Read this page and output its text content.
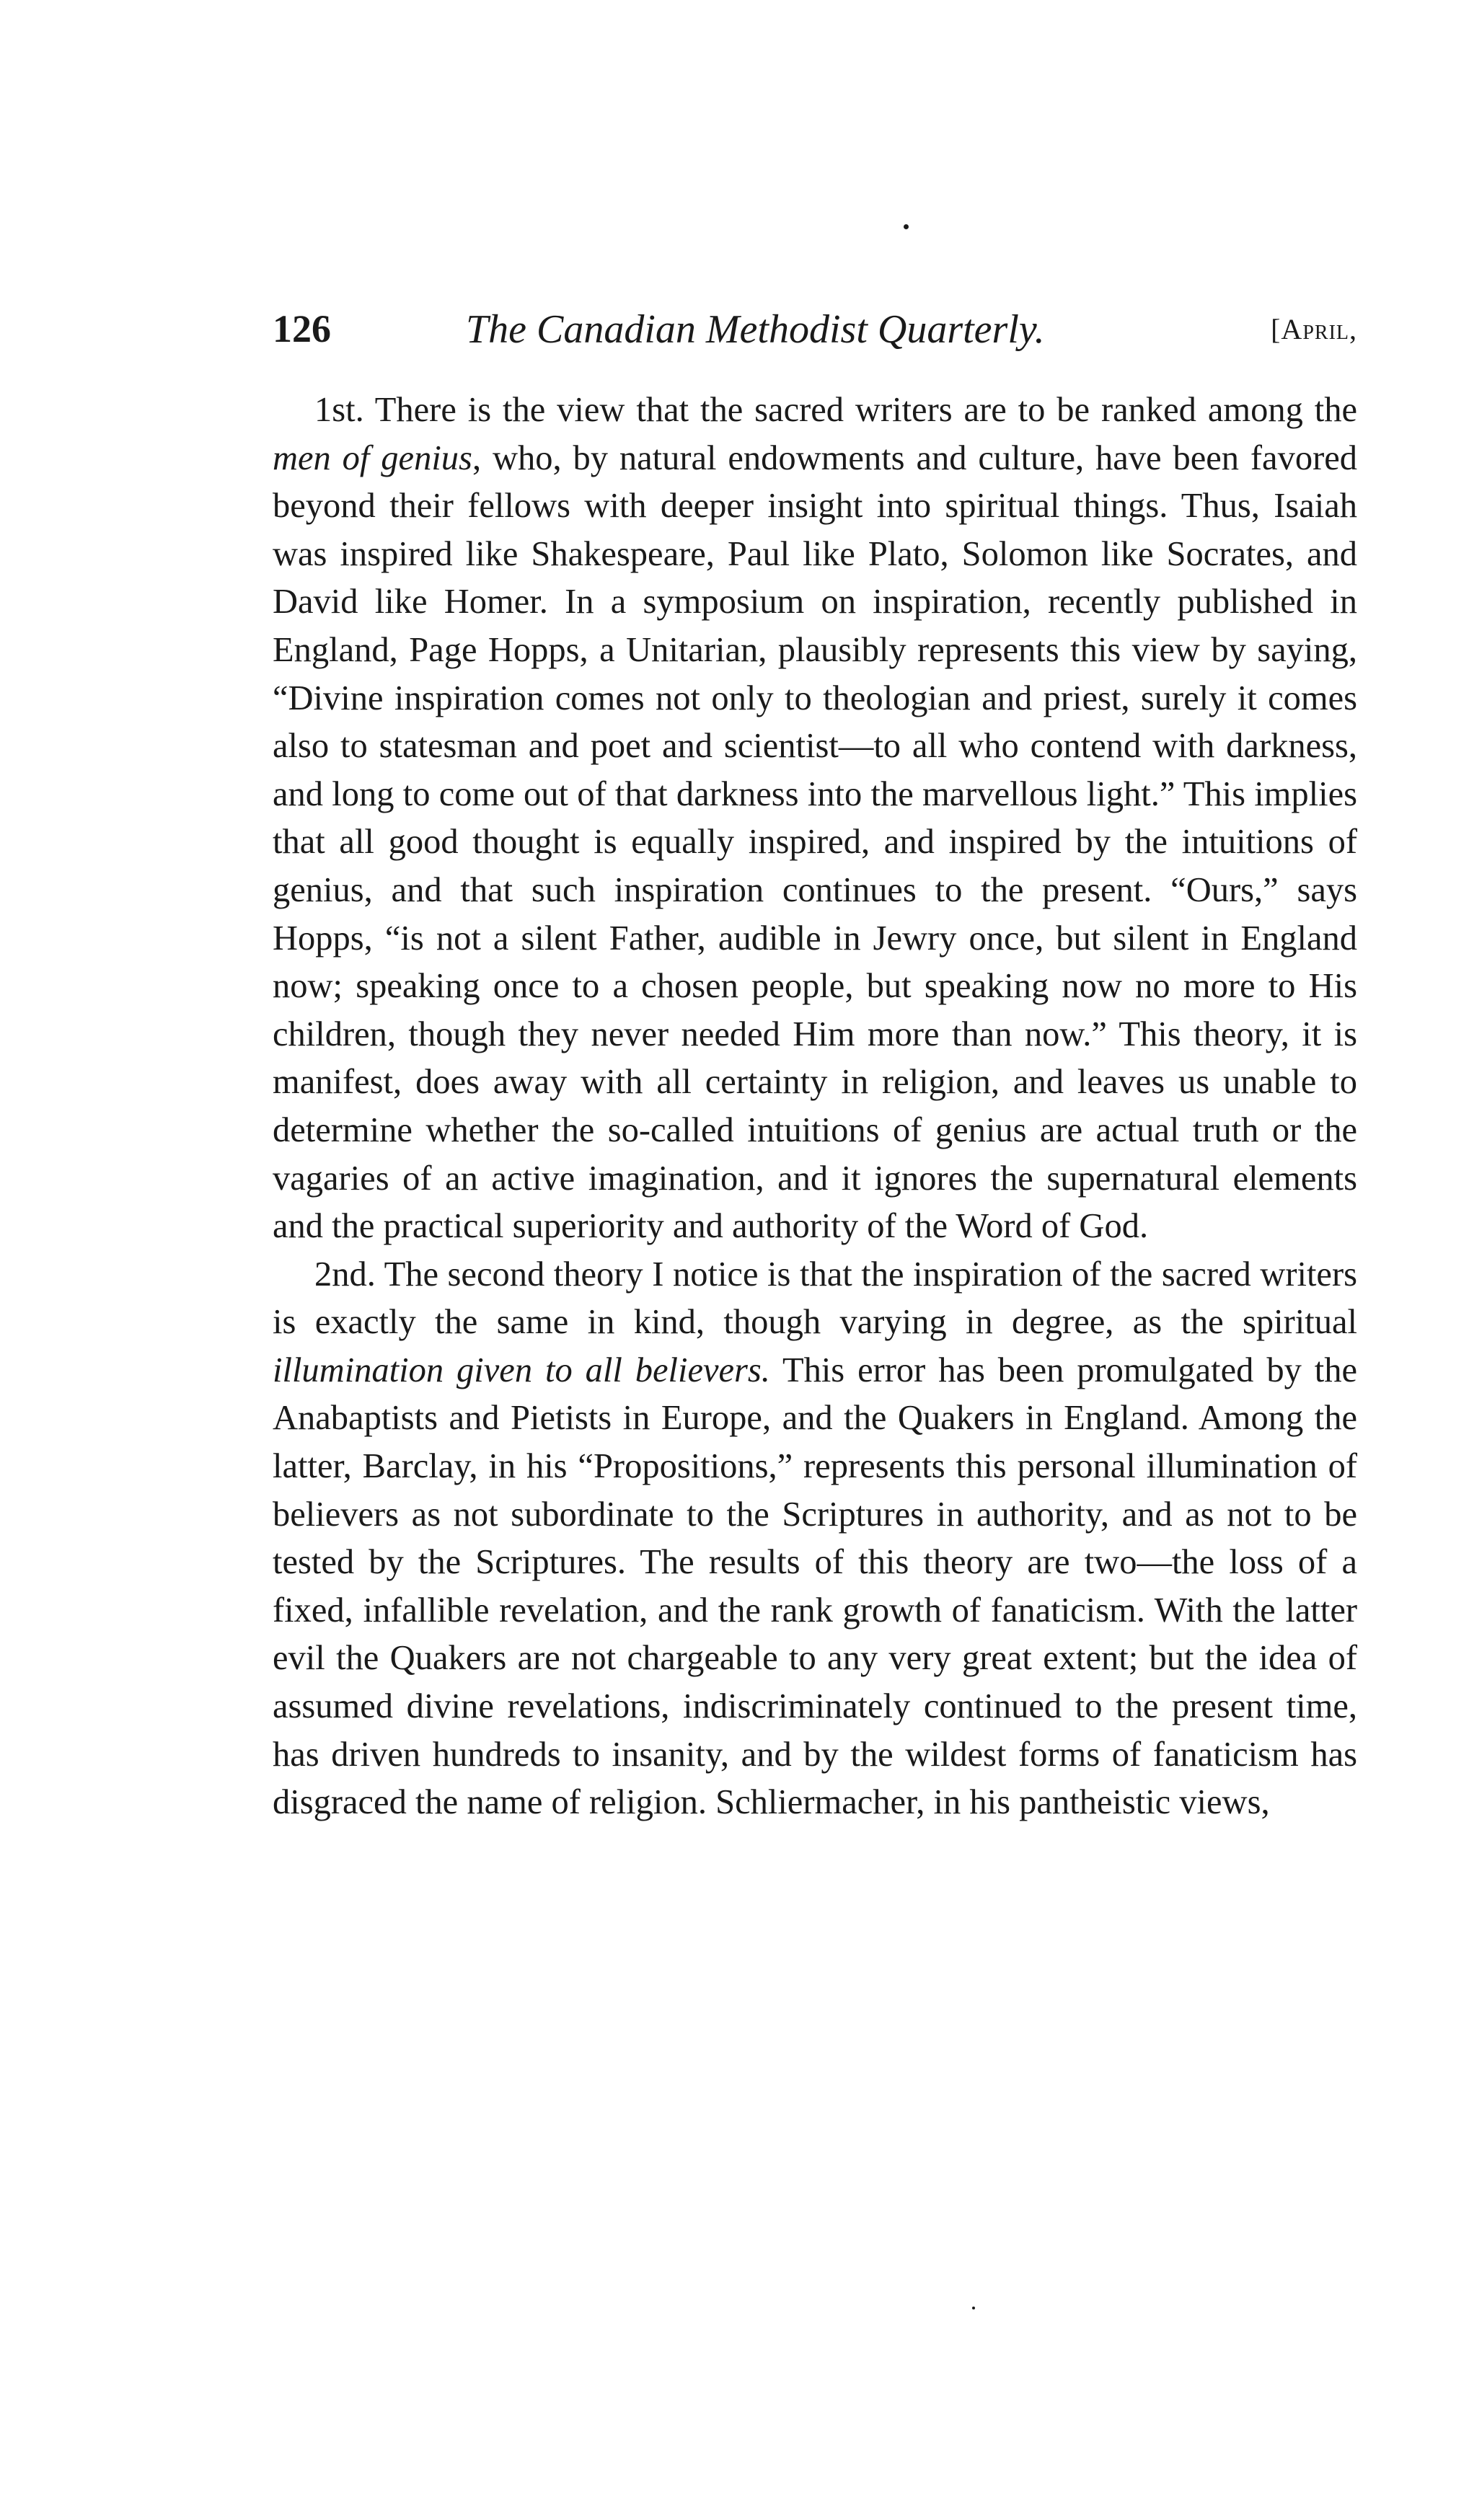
126	The Canadian Methodist Quarterly.	[April,

1st. There is the view that the sacred writers are to be ranked among the men of genius, who, by natural endowments and culture, have been favored beyond their fellows with deeper insight into spiritual things. Thus, Isaiah was inspired like Shakespeare, Paul like Plato, Solomon like Socrates, and David like Homer. In a symposium on inspiration, recently published in England, Page Hopps, a Unitarian, plausibly represents this view by saying, “Divine inspiration comes not only to theologian and priest, surely it comes also to statesman and poet and scientist—to all who contend with darkness, and long to come out of that darkness into the marvellous light.” This implies that all good thought is equally inspired, and inspired by the intuitions of genius, and that such inspiration continues to the present. “Ours,” says Hopps, “is not a silent Father, audible in Jewry once, but silent in England now; speaking once to a chosen people, but speaking now no more to His children, though they never needed Him more than now.” This theory, it is manifest, does away with all certainty in religion, and leaves us unable to determine whether the so-called intuitions of genius are actual truth or the vagaries of an active imagination, and it ignores the supernatural elements and the practical superiority and authority of the Word of God.

2nd. The second theory I notice is that the inspiration of the sacred writers is exactly the same in kind, though varying in degree, as the spiritual illumination given to all believers. This error has been promulgated by the Anabaptists and Pietists in Europe, and the Quakers in England. Among the latter, Barclay, in his “Propositions,” represents this personal illumination of believers as not subordinate to the Scriptures in authority, and as not to be tested by the Scriptures. The results of this theory are two—the loss of a fixed, infallible revelation, and the rank growth of fanaticism. With the latter evil the Quakers are not chargeable to any very great extent; but the idea of assumed divine revelations, indiscriminately continued to the present time, has driven hundreds to insanity, and by the wildest forms of fanaticism has disgraced the name of religion. Schliermacher, in his pantheistic views,
